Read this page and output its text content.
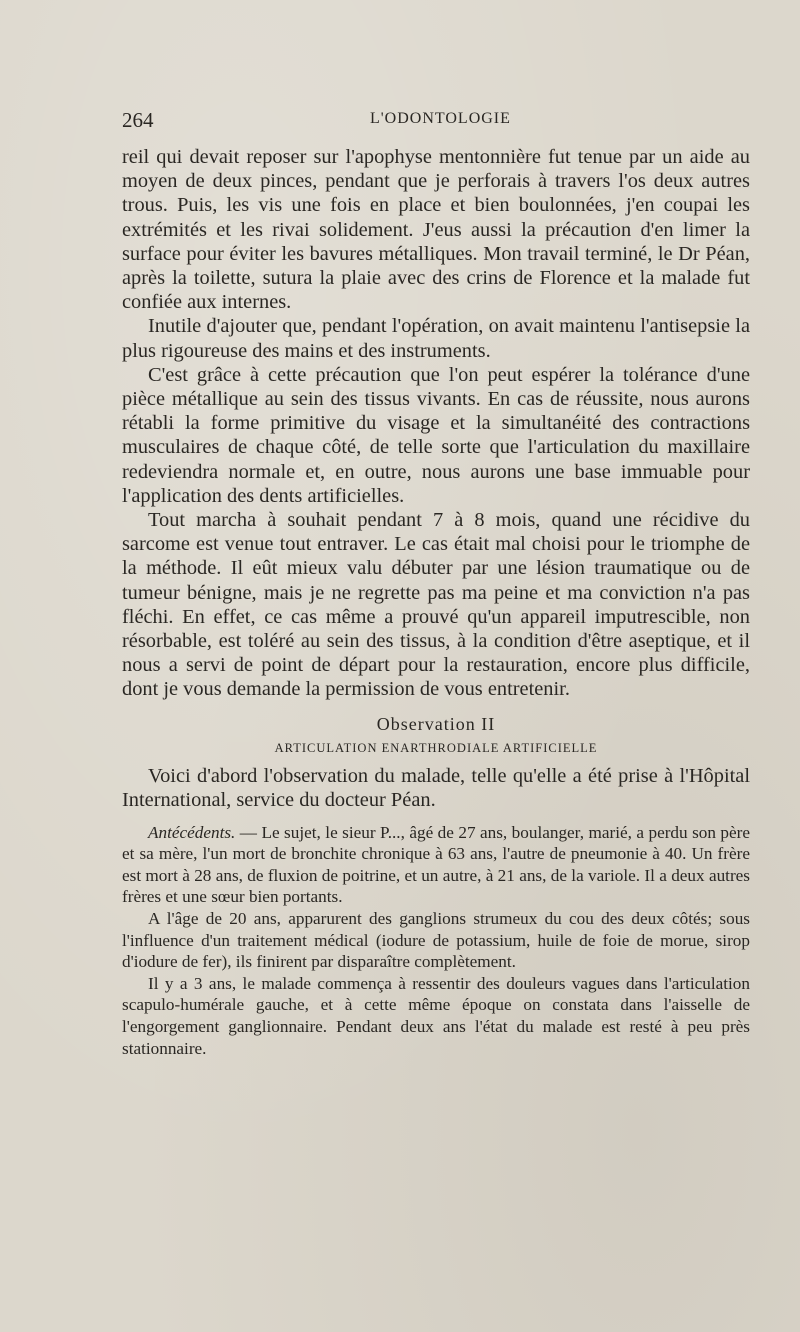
264	L'ODONTOLOGIE

reil qui devait reposer sur l'apophyse mentonnière fut tenue par un aide au moyen de deux pinces, pendant que je perforais à travers l'os deux autres trous. Puis, les vis une fois en place et bien boulonnées, j'en coupai les extrémités et les rivai solidement. J'eus aussi la précaution d'en limer la surface pour éviter les bavures métalliques. Mon travail terminé, le Dr Péan, après la toilette, sutura la plaie avec des crins de Florence et la malade fut confiée aux internes.

Inutile d'ajouter que, pendant l'opération, on avait maintenu l'antisepsie la plus rigoureuse des mains et des instruments.

C'est grâce à cette précaution que l'on peut espérer la tolérance d'une pièce métallique au sein des tissus vivants. En cas de réussite, nous aurons rétabli la forme primitive du visage et la simultanéité des contractions musculaires de chaque côté, de telle sorte que l'articulation du maxillaire redeviendra normale et, en outre, nous aurons une base immuable pour l'application des dents artificielles.

Tout marcha à souhait pendant 7 à 8 mois, quand une récidive du sarcome est venue tout entraver. Le cas était mal choisi pour le triomphe de la méthode. Il eût mieux valu débuter par une lésion traumatique ou de tumeur bénigne, mais je ne regrette pas ma peine et ma conviction n'a pas fléchi. En effet, ce cas même a prouvé qu'un appareil imputrescible, non résorbable, est toléré au sein des tissus, à la condition d'être aseptique, et il nous a servi de point de départ pour la restauration, encore plus difficile, dont je vous demande la permission de vous entretenir.

Observation II
ARTICULATION ENARTHRODIALE ARTIFICIELLE

Voici d'abord l'observation du malade, telle qu'elle a été prise à l'Hôpital International, service du docteur Péan.

Antécédents. — Le sujet, le sieur P..., âgé de 27 ans, boulanger, marié, a perdu son père et sa mère, l'un mort de bronchite chronique à 63 ans, l'autre de pneumonie à 40. Un frère est mort à 28 ans, de fluxion de poitrine, et un autre, à 21 ans, de la variole. Il a deux autres frères et une sœur bien portants.

A l'âge de 20 ans, apparurent des ganglions strumeux du cou des deux côtés; sous l'influence d'un traitement médical (iodure de potassium, huile de foie de morue, sirop d'iodure de fer), ils finirent par disparaître complètement.

Il y a 3 ans, le malade commença à ressentir des douleurs vagues dans l'articulation scapulo-humérale gauche, et à cette même époque on constata dans l'aisselle de l'engorgement ganglionnaire. Pendant deux ans l'état du malade est resté à peu près stationnaire.
